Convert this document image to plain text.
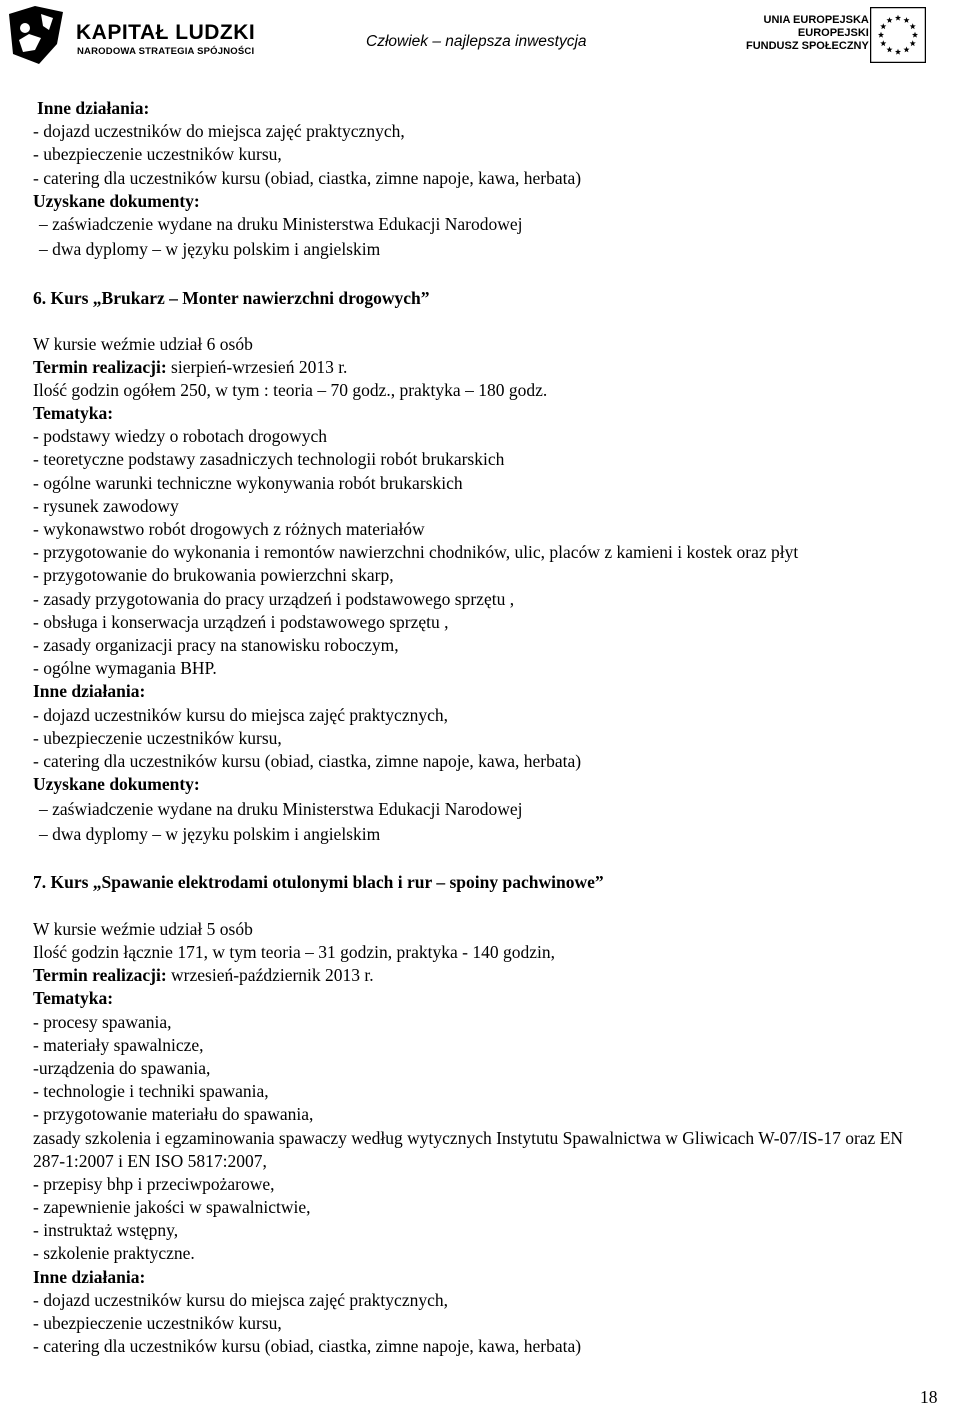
KAPITAŁ LUDZKI
NARODOWA STRATEGIA SPÓJNOŚCI
Człowiek – najlepsza inwestycja
UNIA EUROPEJSKA
EUROPEJSKI
FUNDUSZ SPOŁECZNY
Inne działania:
- dojazd uczestników do miejsca zajęć praktycznych,
- ubezpieczenie uczestników kursu,
- catering dla uczestników kursu (obiad, ciastka, zimne napoje, kawa, herbata)
Uzyskane dokumenty:
– zaświadczenie wydane na druku Ministerstwa Edukacji Narodowej
– dwa dyplomy – w języku polskim i angielskim
6. Kurs „Brukarz – Monter nawierzchni drogowych”
W kursie weźmie udział 6 osób
Termin realizacji: sierpień-wrzesień 2013 r.
Ilość godzin ogółem 250, w tym : teoria – 70 godz., praktyka – 180 godz.
Tematyka:
- podstawy wiedzy o robotach drogowych
- teoretyczne podstawy zasadniczych technologii robót brukarskich
- ogólne warunki techniczne wykonywania robót brukarskich
- rysunek zawodowy
- wykonawstwo robót drogowych z różnych materiałów
- przygotowanie do wykonania i remontów nawierzchni chodników, ulic, placów z kamieni i kostek oraz płyt
- przygotowanie do brukowania powierzchni skarp,
- zasady przygotowania do pracy urządzeń i podstawowego sprzętu ,
- obsługa i konserwacja urządzeń i podstawowego sprzętu ,
- zasady organizacji pracy na stanowisku roboczym,
- ogólne wymagania BHP.
Inne działania:
- dojazd uczestników kursu do miejsca zajęć praktycznych,
- ubezpieczenie uczestników kursu,
- catering dla uczestników kursu (obiad, ciastka, zimne napoje, kawa, herbata)
Uzyskane dokumenty:
– zaświadczenie wydane na druku Ministerstwa Edukacji Narodowej
– dwa dyplomy – w języku polskim i angielskim
7. Kurs „Spawanie elektrodami otulonymi blach i rur – spoiny pachwinowe”
W kursie weźmie udział 5 osób
Ilość godzin łącznie 171, w tym teoria – 31 godzin, praktyka - 140 godzin,
Termin realizacji: wrzesień-październik 2013 r.
Tematyka:
- procesy spawania,
- materiały spawalnicze,
-urządzenia do spawania,
- technologie i techniki spawania,
- przygotowanie materiału do spawania,
zasady szkolenia i egzaminowania spawaczy według wytycznych Instytutu Spawalnictwa w Gliwicach W-07/IS-17 oraz EN 287-1:2007 i EN ISO 5817:2007,
- przepisy bhp i przeciwpożarowe,
- zapewnienie jakości w spawalnictwie,
- instruktaż wstępny,
- szkolenie praktyczne.
Inne działania:
- dojazd uczestników kursu do miejsca zajęć praktycznych,
- ubezpieczenie uczestników kursu,
- catering dla uczestników kursu (obiad, ciastka, zimne napoje, kawa, herbata)
18
